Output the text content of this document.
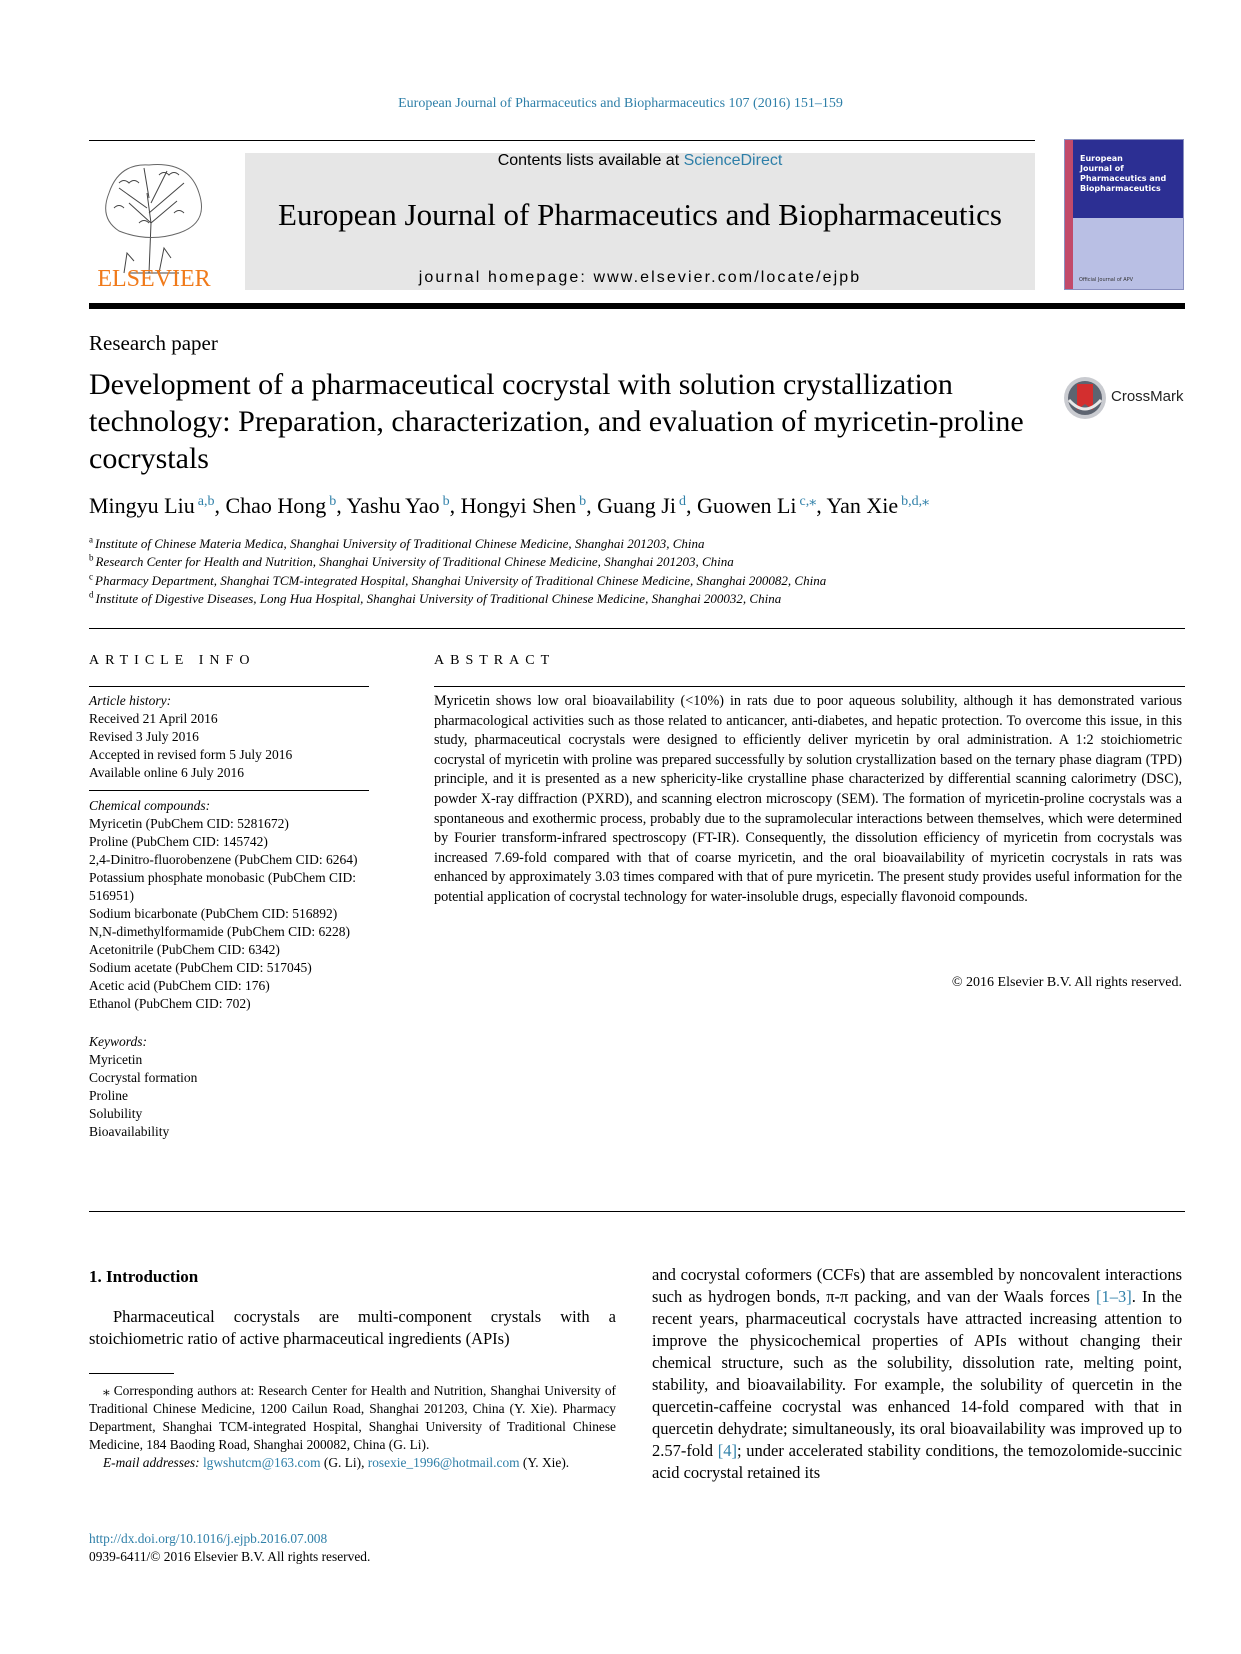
European Journal of Pharmaceutics and Biopharmaceutics 107 (2016) 151–159
ELSEVIER
Contents lists available at ScienceDirect
European Journal of Pharmaceutics and Biopharmaceutics
journal homepage: www.elsevier.com/locate/ejpb
European
Journal of
Pharmaceutics and
Biopharmaceutics
Official Journal of APV
Research paper
Development of a pharmaceutical cocrystal with solution crystallization technology: Preparation, characterization, and evaluation of myricetin-proline cocrystals
CrossMark
Mingyu Liu $^{a,b}$, Chao Hong $^b$, Yashu Yao $^b$, Hongyi Shen $^b$, Guang Ji $^d$, Guowen Li $^{c,⁎}$, Yan Xie $^{b,d,⁎}$
$^a$ Institute of Chinese Materia Medica, Shanghai University of Traditional Chinese Medicine, Shanghai 201203, China
$^b$ Research Center for Health and Nutrition, Shanghai University of Traditional Chinese Medicine, Shanghai 201203, China
$^c$ Pharmacy Department, Shanghai TCM-integrated Hospital, Shanghai University of Traditional Chinese Medicine, Shanghai 200082, China
$^d$ Institute of Digestive Diseases, Long Hua Hospital, Shanghai University of Traditional Chinese Medicine, Shanghai 200032, China
ARTICLE INFO	ABSTRACT
Article history:
Received 21 April 2016
Revised 3 July 2016
Accepted in revised form 5 July 2016
Available online 6 July 2016
Chemical compounds:
Myricetin (PubChem CID: 5281672)
Proline (PubChem CID: 145742)
2,4-Dinitro-fluorobenzene (PubChem CID: 6264)
Potassium phosphate monobasic (PubChem CID: 516951)
Sodium bicarbonate (PubChem CID: 516892)
N,N-dimethylformamide (PubChem CID: 6228)
Acetonitrile (PubChem CID: 6342)
Sodium acetate (PubChem CID: 517045)
Acetic acid (PubChem CID: 176)
Ethanol (PubChem CID: 702)
Keywords:
Myricetin
Cocrystal formation
Proline
Solubility
Bioavailability
Myricetin shows low oral bioavailability (<10%) in rats due to poor aqueous solubility, although it has demonstrated various pharmacological activities such as those related to anticancer, anti-diabetes, and hepatic protection. To overcome this issue, in this study, pharmaceutical cocrystals were designed to efficiently deliver myricetin by oral administration. A 1:2 stoichiometric cocrystal of myricetin with proline was prepared successfully by solution crystallization based on the ternary phase diagram (TPD) principle, and it is presented as a new sphericity-like crystalline phase characterized by differential scanning calorimetry (DSC), powder X-ray diffraction (PXRD), and scanning electron microscopy (SEM). The formation of myricetin-proline cocrystals was a spontaneous and exothermic process, probably due to the supramolecular interactions between themselves, which were determined by Fourier transform-infrared spectroscopy (FT-IR). Consequently, the dissolution efficiency of myricetin from cocrystals was increased 7.69-fold compared with that of coarse myricetin, and the oral bioavailability of myricetin cocrystals in rats was enhanced by approximately 3.03 times compared with that of pure myricetin. The present study provides useful information for the potential application of cocrystal technology for water-insoluble drugs, especially flavonoid compounds.
© 2016 Elsevier B.V. All rights reserved.
1. Introduction
Pharmaceutical cocrystals are multi-component crystals with a stoichiometric ratio of active pharmaceutical ingredients (APIs)
⁎ Corresponding authors at: Research Center for Health and Nutrition, Shanghai University of Traditional Chinese Medicine, 1200 Cailun Road, Shanghai 201203, China (Y. Xie). Pharmacy Department, Shanghai TCM-integrated Hospital, Shanghai University of Traditional Chinese Medicine, 184 Baoding Road, Shanghai 200082, China (G. Li).
E-mail addresses: lgwshutcm@163.com (G. Li), rosexie_1996@hotmail.com (Y. Xie).
http://dx.doi.org/10.1016/j.ejpb.2016.07.008
0939-6411/© 2016 Elsevier B.V. All rights reserved.
and cocrystal coformers (CCFs) that are assembled by noncovalent interactions such as hydrogen bonds, π-π packing, and van der Waals forces [1–3]. In the recent years, pharmaceutical cocrystals have attracted increasing attention to improve the physicochemical properties of APIs without changing their chemical structure, such as the solubility, dissolution rate, melting point, stability, and bioavailability. For example, the solubility of quercetin in the quercetin-caffeine cocrystal was enhanced 14-fold compared with that in quercetin dehydrate; simultaneously, its oral bioavailability was improved up to 2.57-fold [4]; under accelerated stability conditions, the temozolomide-succinic acid cocrystal retained its
